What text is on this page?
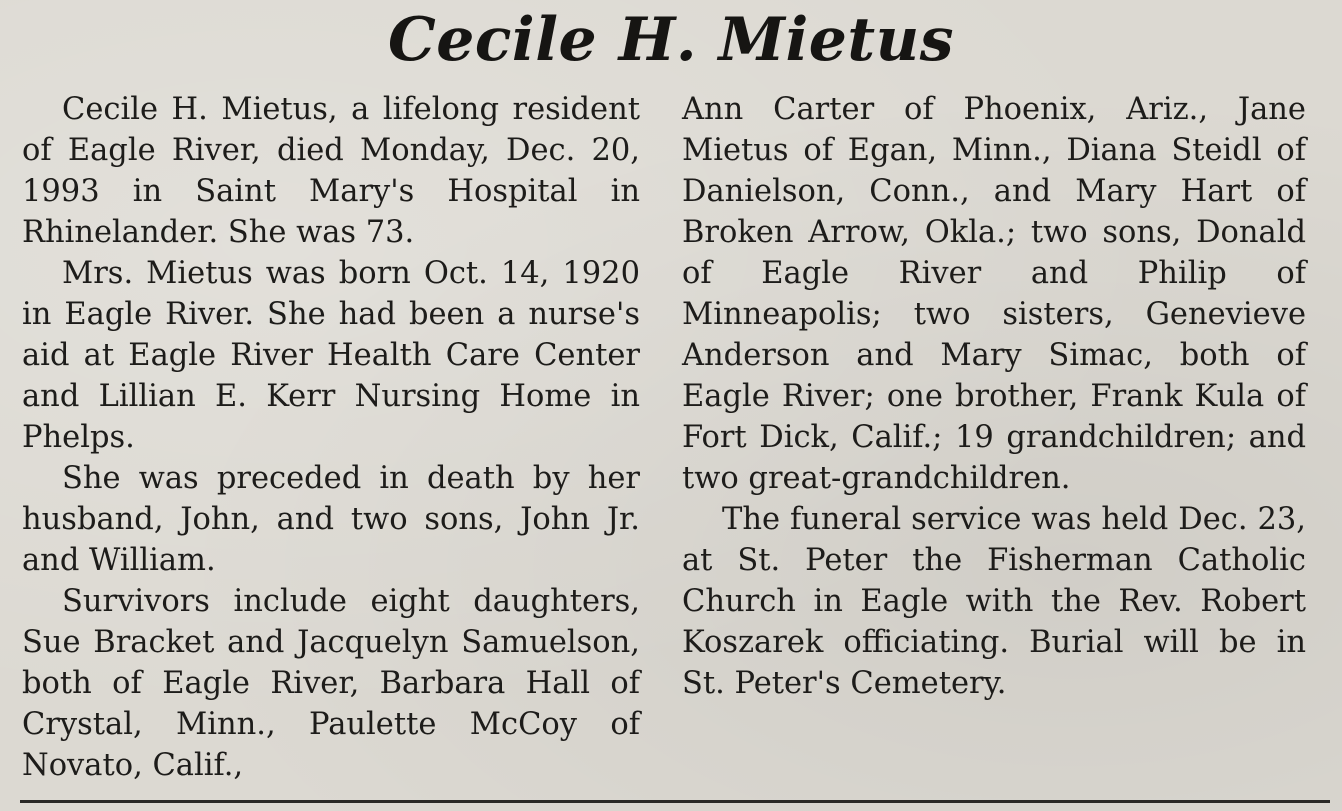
Cecile H. Mietus

Cecile H. Mietus, a lifelong resident of Eagle River, died Monday, Dec. 20, 1993 in Saint Mary's Hospital in Rhinelander. She was 73.

Mrs. Mietus was born Oct. 14, 1920 in Eagle River. She had been a nurse's aid at Eagle River Health Care Center and Lillian E. Kerr Nursing Home in Phelps.

She was preceded in death by her husband, John, and two sons, John Jr. and William.

Survivors include eight daughters, Sue Bracket and Jacquelyn Samuelson, both of Eagle River, Barbara Hall of Crystal, Minn., Paulette McCoy of Novato, Calif.,

Ann Carter of Phoenix, Ariz., Jane Mietus of Egan, Minn., Diana Steidl of Danielson, Conn., and Mary Hart of Broken Arrow, Okla.; two sons, Donald of Eagle River and Philip of Minneapolis; two sisters, Genevieve Anderson and Mary Simac, both of Eagle River; one brother, Frank Kula of Fort Dick, Calif.; 19 grandchildren; and two great-grandchildren.

The funeral service was held Dec. 23, at St. Peter the Fisherman Catholic Church in Eagle with the Rev. Robert Koszarek officiating. Burial will be in St. Peter's Cemetery.
